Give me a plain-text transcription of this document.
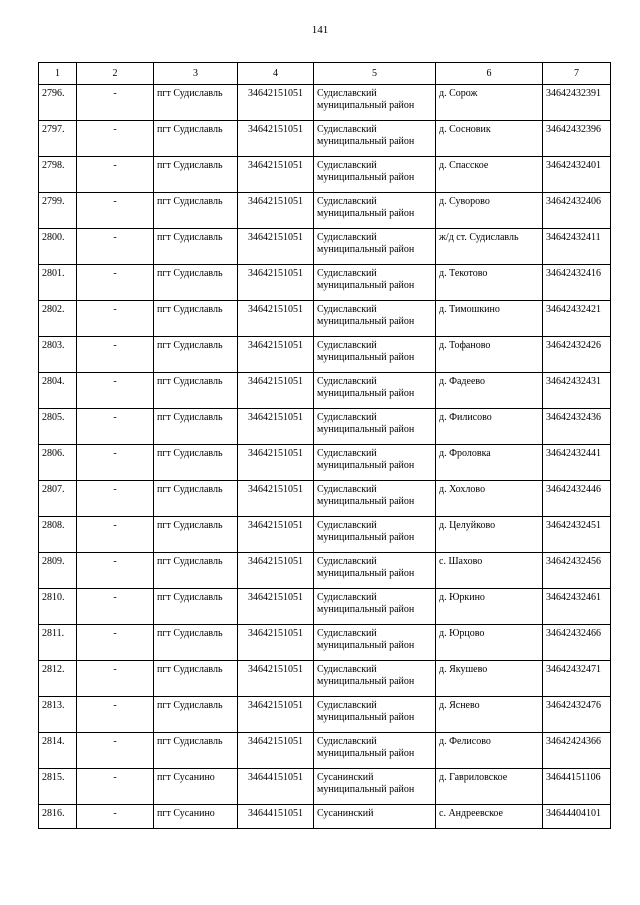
141
1	2	3	4	5	6	7
2796.	-	пгт Судиславль	34642151051	Судиславский муниципальный район	д. Сорож	34642432391
2797.	-	пгт Судиславль	34642151051	Судиславский муниципальный район	д. Сосновик	34642432396
2798.	-	пгт Судиславль	34642151051	Судиславский муниципальный район	д. Спасское	34642432401
2799.	-	пгт Судиславль	34642151051	Судиславский муниципальный район	д. Суворово	34642432406
2800.	-	пгт Судиславль	34642151051	Судиславский муниципальный район	ж/д ст. Судиславль	34642432411
2801.	-	пгт Судиславль	34642151051	Судиславский муниципальный район	д. Текотово	34642432416
2802.	-	пгт Судиславль	34642151051	Судиславский муниципальный район	д. Тимошкино	34642432421
2803.	-	пгт Судиславль	34642151051	Судиславский муниципальный район	д. Тофаново	34642432426
2804.	-	пгт Судиславль	34642151051	Судиславский муниципальный район	д. Фадеево	34642432431
2805.	-	пгт Судиславль	34642151051	Судиславский муниципальный район	д. Филисово	34642432436
2806.	-	пгт Судиславль	34642151051	Судиславский муниципальный район	д. Фроловка	34642432441
2807.	-	пгт Судиславль	34642151051	Судиславский муниципальный район	д. Хохлово	34642432446
2808.	-	пгт Судиславль	34642151051	Судиславский муниципальный район	д. Целуйково	34642432451
2809.	-	пгт Судиславль	34642151051	Судиславский муниципальный район	с. Шахово	34642432456
2810.	-	пгт Судиславль	34642151051	Судиславский муниципальный район	д. Юркино	34642432461
2811.	-	пгт Судиславль	34642151051	Судиславский муниципальный район	д. Юрцово	34642432466
2812.	-	пгт Судиславль	34642151051	Судиславский муниципальный район	д. Якушево	34642432471
2813.	-	пгт Судиславль	34642151051	Судиславский муниципальный район	д. Яснево	34642432476
2814.	-	пгт Судиславль	34642151051	Судиславский муниципальный район	д. Фелисово	34642424366
2815.	-	пгт Сусанино	34644151051	Сусанинский муниципальный район	д. Гавриловское	34644151106
2816.	-	пгт Сусанино	34644151051	Сусанинский	с. Андреевское	34644404101
